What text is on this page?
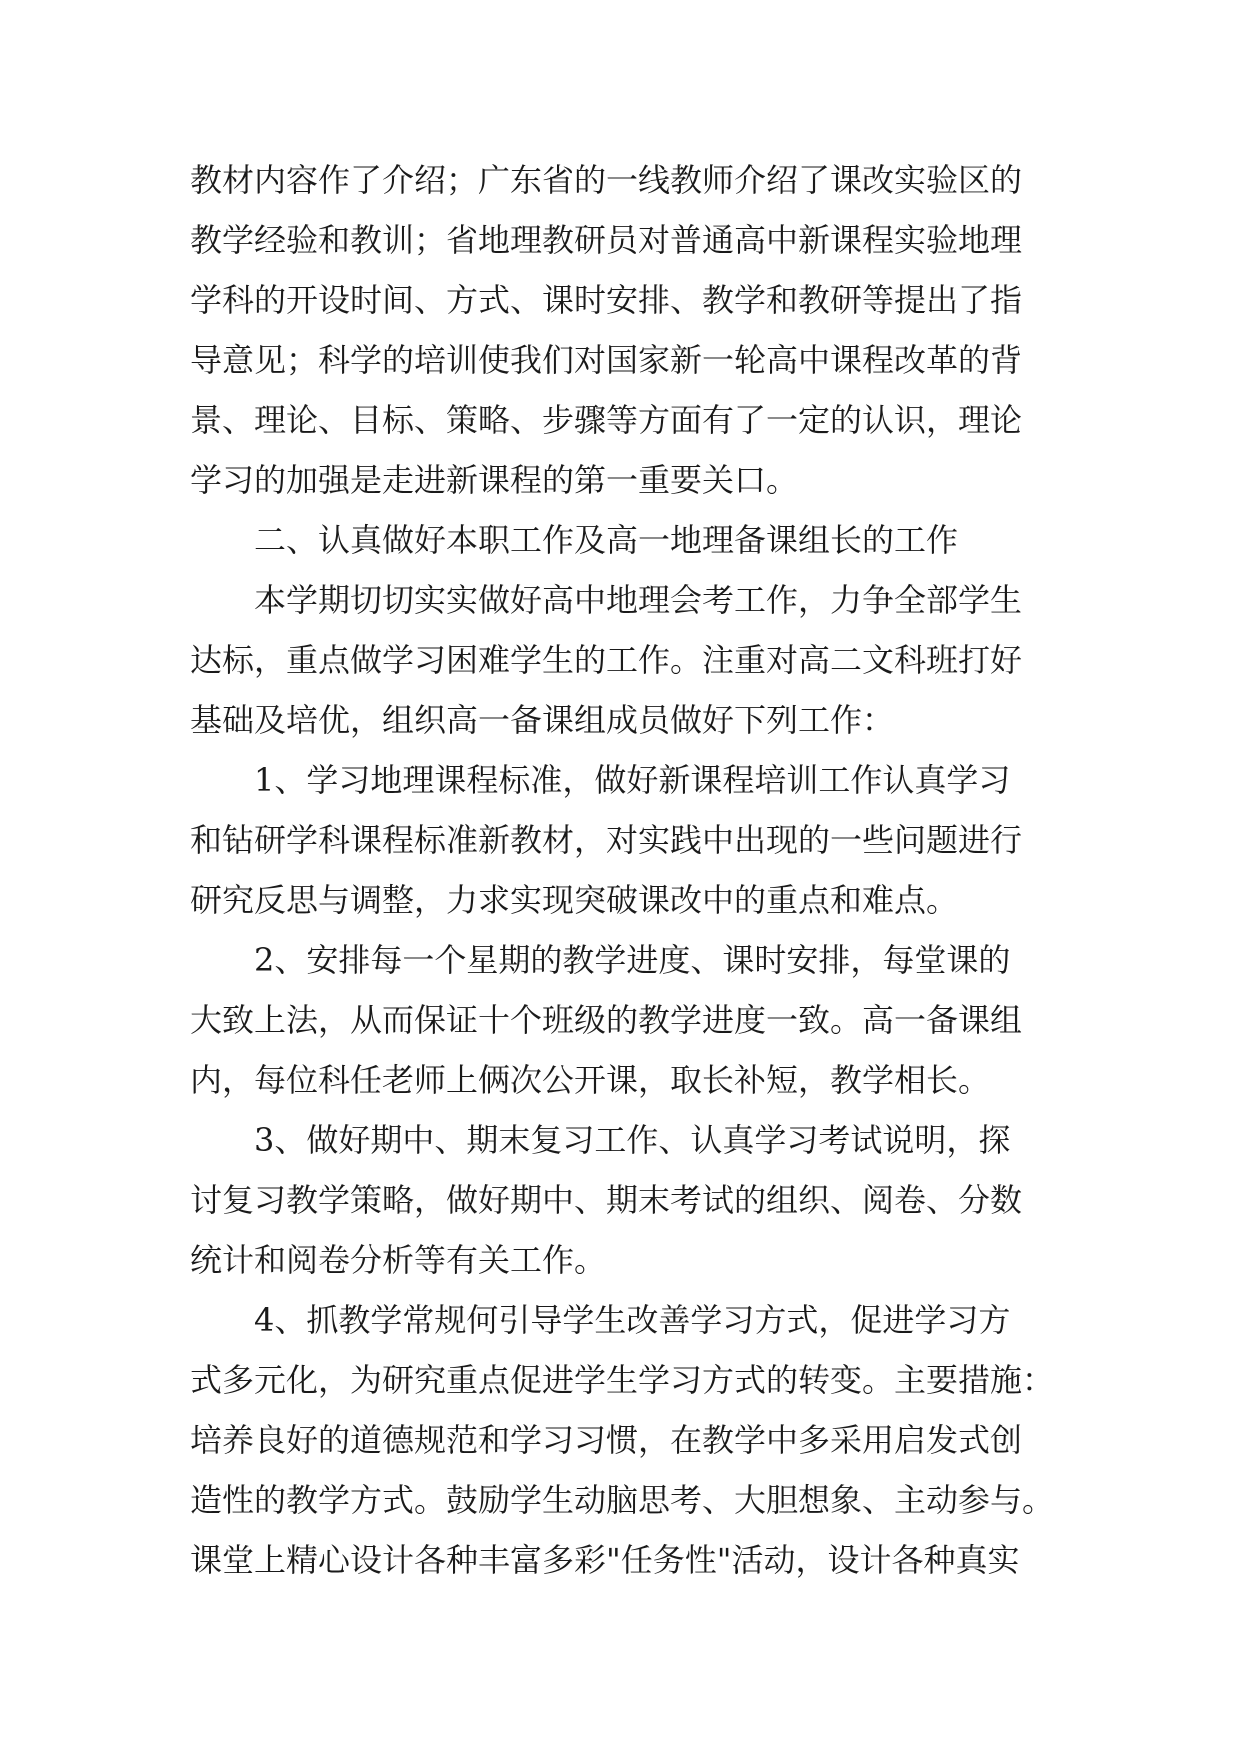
教材内容作了介绍；广东省的一线教师介绍了课改实验区的
教学经验和教训；省地理教研员对普通高中新课程实验地理
学科的开设时间、方式、课时安排、教学和教研等提出了指
导意见；科学的培训使我们对国家新一轮高中课程改革的背
景、理论、目标、策略、步骤等方面有了一定的认识，理论
学习的加强是走进新课程的第一重要关口。
　　二、认真做好本职工作及高一地理备课组长的工作
　　本学期切切实实做好高中地理会考工作，力争全部学生
达标，重点做学习困难学生的工作。注重对高二文科班打好
基础及培优，组织高一备课组成员做好下列工作：
　　1、学习地理课程标准，做好新课程培训工作认真学习
和钻研学科课程标准新教材，对实践中出现的一些问题进行
研究反思与调整，力求实现突破课改中的重点和难点。
　　2、安排每一个星期的教学进度、课时安排，每堂课的
大致上法，从而保证十个班级的教学进度一致。高一备课组
内，每位科任老师上俩次公开课，取长补短，教学相长。
　　3、做好期中、期末复习工作、认真学习考试说明，探
讨复习教学策略，做好期中、期末考试的组织、阅卷、分数
统计和阅卷分析等有关工作。
　　4、抓教学常规何引导学生改善学习方式，促进学习方
式多元化，为研究重点促进学生学习方式的转变。主要措施：
培养良好的道德规范和学习习惯，在教学中多采用启发式创
造性的教学方式。鼓励学生动脑思考、大胆想象、主动参与。
课堂上精心设计各种丰富多彩"任务性"活动，设计各种真实
